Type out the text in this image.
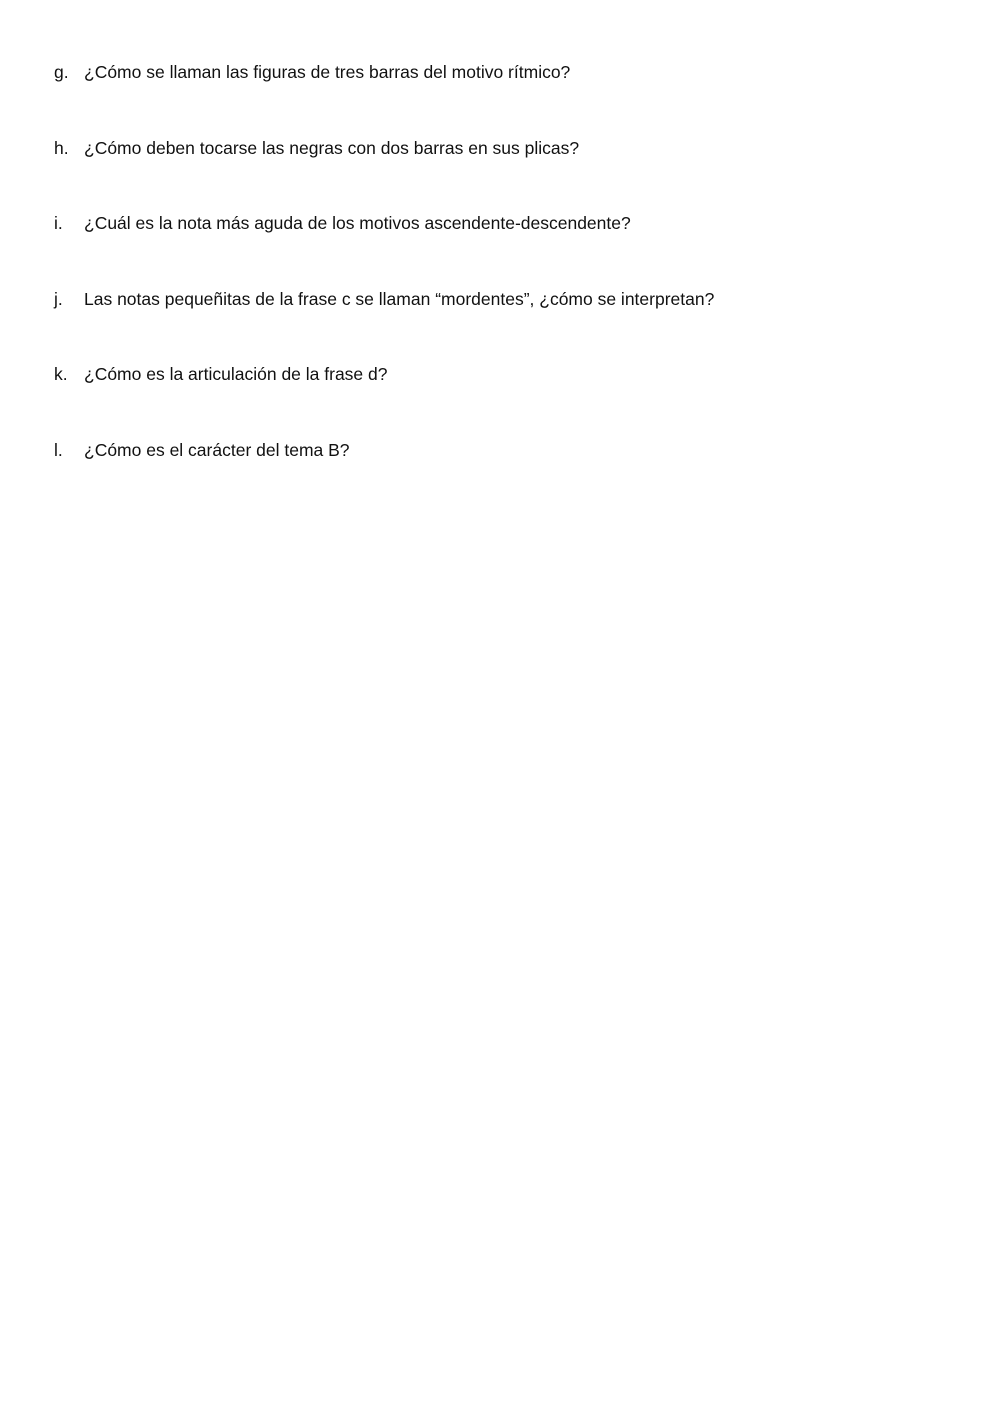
g. ¿Cómo se llaman las figuras de tres barras del motivo rítmico?
h. ¿Cómo deben tocarse las negras con dos barras en sus plicas?
i.	¿Cuál es la nota más aguda de los motivos ascendente-descendente?
j.	Las notas pequeñitas de la frase c se llaman “mordentes”, ¿cómo se interpretan?
k. ¿Cómo es la articulación de la frase d?
l.	¿Cómo es el carácter del tema B?
